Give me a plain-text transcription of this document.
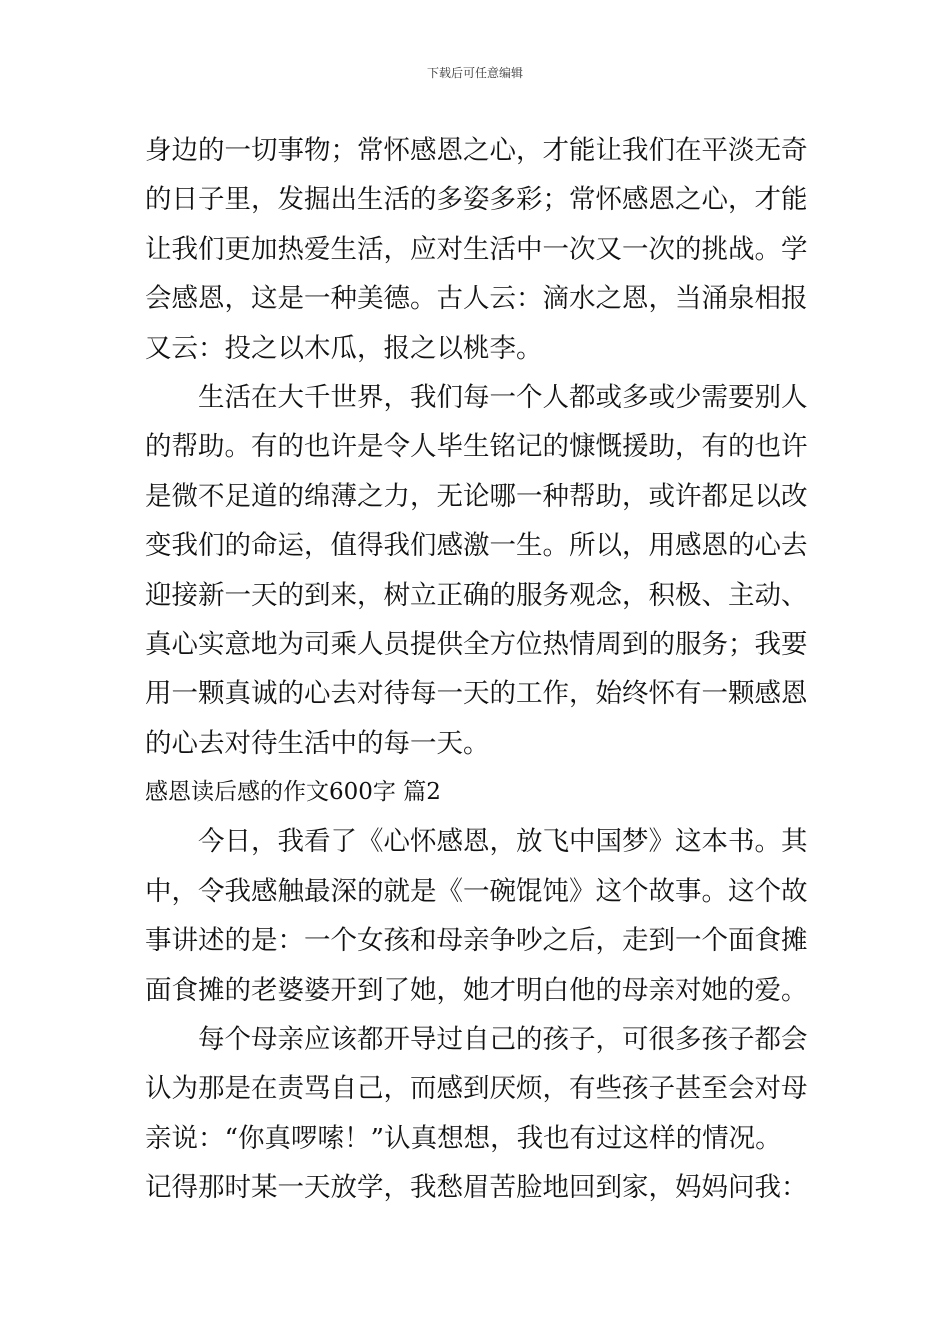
下载后可任意编辑
身边的一切事物；常怀感恩之心，才能让我们在平淡无奇
的日子里，发掘出生活的多姿多彩；常怀感恩之心，才能
让我们更加热爱生活，应对生活中一次又一次的挑战。学
会感恩，这是一种美德。古人云：滴水之恩，当涌泉相报
又云：投之以木瓜，报之以桃李。
生活在大千世界，我们每一个人都或多或少需要别人
的帮助。有的也许是令人毕生铭记的慷慨援助，有的也许
是微不足道的绵薄之力，无论哪一种帮助，或许都足以改
变我们的命运，值得我们感激一生。所以，用感恩的心去
迎接新一天的到来，树立正确的服务观念，积极、主动、
真心实意地为司乘人员提供全方位热情周到的服务；我要
用一颗真诚的心去对待每一天的工作，始终怀有一颗感恩
的心去对待生活中的每一天。
感恩读后感的作文600字 篇2
今日，我看了《心怀感恩，放飞中国梦》这本书。其
中，令我感触最深的就是《一碗馄饨》这个故事。这个故
事讲述的是：一个女孩和母亲争吵之后，走到一个面食摊
面食摊的老婆婆开到了她，她才明白他的母亲对她的爱。
每个母亲应该都开导过自己的孩子，可很多孩子都会
认为那是在责骂自己，而感到厌烦，有些孩子甚至会对母
亲说：“你真啰嗦！”认真想想，我也有过这样的情况。
记得那时某一天放学，我愁眉苦脸地回到家，妈妈问我：
